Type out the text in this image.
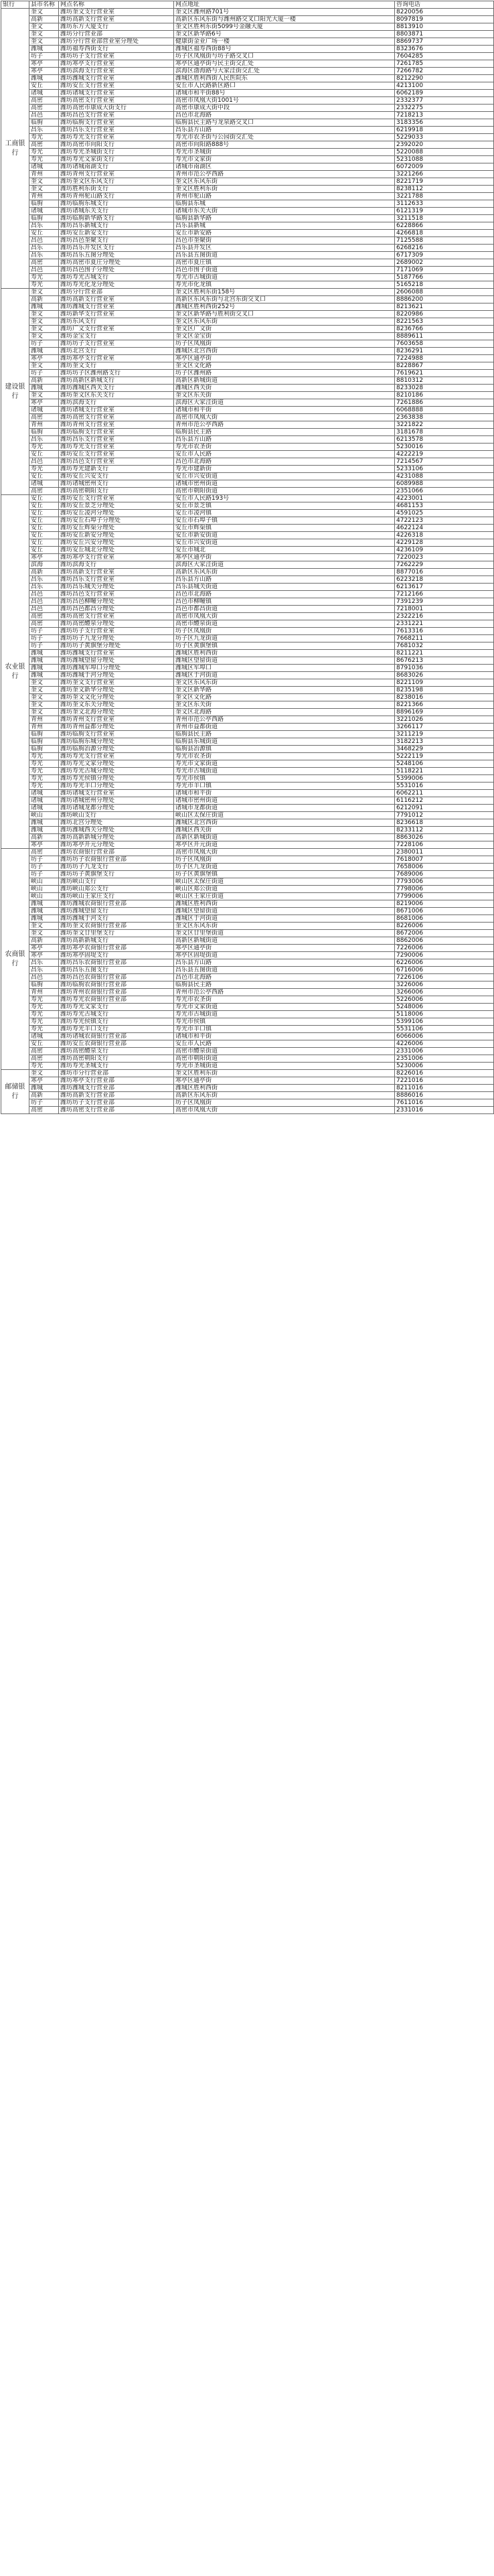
银行	县市名称	网点名称	网点地址	咨询电话
工商银行	奎文	潍坊奎文支行营业室	奎文区潍州路701号	8220056
	高新	潍坊高新支行营业室	高新区东风东街与潍州路交叉口阳光大厦一楼	8097819
	奎文	潍坊东方大厦支行	奎文区胜利东街5099号金融大厦	8813910
	奎文	潍坊分行营业部	奎文区新华路6号	8803871
	奎文	潍坊分行营业部营业室分理处	健康街金业广场一楼	8869737
	潍城	潍坊福寿西街支行	潍城区福寿西街88号	8323676
	坊子	潍坊坊子支行营业室	坊子区凤凰街与坊子路交叉口	7604285
	寒亭	潍坊寒亭支行营业室	寒亭区通亭街与民主街交汇处	7261785
	寒亭	潍坊滨海支行营业室	滨海区渤海路与大家洼街交汇处	7266782
	潍城	潍坊潍城支行营业室	潍城区胜利西街人民医院东	8212290
	安丘	潍坊安丘支行营业室	安丘市人民路新区路口	4213100
	诸城	潍坊诸城支行营业室	诸城市和平街88号	6062189
	高密	潍坊高密支行营业室	高密市凤凰大街1001号	2332377
	高密	潍坊高密市康成大街支行	高密市康成大街中段	2332275
	昌邑	潍坊昌邑支行营业室	昌邑市北海路	7218213
	临朐	潍坊临朐支行营业室	临朐县民主路与龙泉路交叉口	3183356
	昌乐	潍坊昌乐支行营业室	昌乐县方山路	6219918
	寿光	潍坊寿光支行营业室	寿光市农圣街与公园街交汇处	5229033
	高密	潍坊高密市向阳支行	高密市向阳路888号	2392020
	寿光	潍坊寿光圣城街支行	寿光市圣城街	5220088
	寿光	潍坊寿光文家街支行	寿光市文家街	5231088
	诸城	潍坊诸城南湖支行	诸城市南湖区	6072009
	青州	潍坊青州支行营业室	青州市范公亭西路	3221266
	奎文	潍坊奎文区东风支行	奎文区东风东街	8221719
	奎文	潍坊胜利东街支行	奎文区胜利东街	8238112
	青州	潍坊青州驼山路支行	青州市驼山路	3221788
	临朐	潍坊临朐东城支行	临朐县东城	3112633
	诸城	潍坊诸城东关支行	诸城市东关大街	6121319
	临朐	潍坊临朐新华路支行	临朐县新华路	3211518
	昌乐	潍坊昌乐新城支行	昌乐县新城	6228866
	安丘	潍坊安丘新安支行	安丘市新安路	4266818
	昌邑	潍坊昌邑奎聚支行	昌邑市奎聚街	7125588
	昌乐	潍坊昌乐开发区支行	昌乐县开发区	6268216
	昌乐	潍坊昌乐五图分理处	昌乐县五图街道	6717309
	高密	潍坊高密市夏庄分理处	高密市夏庄镇	2689002
	昌邑	潍坊昌邑围子分理处	昌邑市围子街道	7171069
	寿光	潍坊寿光古城支行	寿光市古城街道	5187766
	寿光	潍坊寿光化龙分理处	寿光市化龙镇	5165218
建设银行	奎文	潍坊分行营业部	奎文区胜利东街158号	2606088
	高新	潍坊高新支行营业室	高新区东风东街与北宫东街交叉口	8886200
	潍城	潍坊潍城支行营业室	潍城区胜利西街252号	8213621
	奎文	潍坊新华支行营业室	奎文区新华路与胜利街交叉口	8220986
	奎文	潍坊东风支行	奎文区东风东街	8221563
	奎文	潍坊广文支行营业室	奎文区广文街	8236766
	奎文	潍坊金宝支行	奎文区金宝街	8889611
	坊子	潍坊坊子支行营业室	坊子区凤凰街	7603658
	潍城	潍坊北宫支行	潍城区北宫西街	8236291
	寒亭	潍坊寒亭支行营业室	寒亭区通亭街	7224988
	奎文	潍坊奎文支行	奎文区文化路	8228867
	坊子	潍坊坊子区潍州路支行	坊子区潍州路	7619621
	高新	潍坊高新区新城支行	高新区新城街道	8810312
	潍城	潍坊潍城区西关支行	潍城区西关街	8233028
	奎文	潍坊奎文区东关支行	奎文区东关街	8210186
	寒亭	潍坊滨海支行	滨海区大家洼街道	7261886
	诸城	潍坊诸城支行营业室	诸城市和平街	6068888
	高密	潍坊高密支行营业室	高密市凤凰大街	2363838
	青州	潍坊青州支行营业室	青州市范公亭西路	3221822
	临朐	潍坊临朐支行营业室	临朐县民主路	3181678
	昌乐	潍坊昌乐支行营业室	昌乐县方山路	6213578
	寿光	潍坊寿光支行营业室	寿光市农圣街	5230016
	安丘	潍坊安丘支行营业室	安丘市人民路	4222219
	昌邑	潍坊昌邑支行营业室	昌邑市北海路	7214567
	寿光	潍坊寿光建新支行	寿光市建新街	5233106
	安丘	潍坊安丘兴安支行	安丘市兴安街道	4231088
	诸城	潍坊诸城密州支行	诸城市密州街道	6089988
	高密	潍坊高密朝阳支行	高密市朝阳街道	2351066
农业银行	安丘	潍坊安丘支行营业室	安丘市人民路193号	4223001
	安丘	潍坊安丘景芝分理处	安丘市景芝镇	4681153
	安丘	潍坊安丘凌河分理处	安丘市凌河镇	4591025
	安丘	潍坊安丘石埠子分理处	安丘市石埠子镇	4722123
	安丘	潍坊安丘辉渠分理处	安丘市辉渠镇	4622124
	安丘	潍坊安丘新安分理处	安丘市新安街道	4226318
	安丘	潍坊安丘兴安分理处	安丘市兴安街道	4229128
	安丘	潍坊安丘城北分理处	安丘市城北	4236109
	寒亭	潍坊寒亭支行营业室	寒亭区通亭街	7220023
	滨海	潍坊滨海支行	滨海区大家洼街道	7262229
	高新	潍坊高新支行营业室	高新区东风东街	8877016
	昌乐	潍坊昌乐支行营业室	昌乐县方山路	6223218
	昌乐	潍坊昌乐城关分理处	昌乐县城关街道	6213617
	昌邑	潍坊昌邑支行营业室	昌邑市北海路	7212166
	昌邑	潍坊昌邑柳疃分理处	昌邑市柳疃镇	7391239
	昌邑	潍坊昌邑都昌分理处	昌邑市都昌街道	7218001
	高密	潍坊高密支行营业室	高密市凤凰大街	2322216
	高密	潍坊高密醴泉分理处	高密市醴泉街道	2331221
	坊子	潍坊坊子支行营业室	坊子区凤凰街	7613316
	坊子	潍坊坊子九龙分理处	坊子区九龙街道	7668211
	坊子	潍坊坊子黄旗堡分理处	坊子区黄旗堡镇	7681032
	潍城	潍坊潍城支行营业室	潍城区胜利西街	8211221
	潍城	潍坊潍城望留分理处	潍城区望留街道	8676213
	潍城	潍坊潍城军埠口分理处	潍城区军埠口	8791036
	潍城	潍坊潍城于河分理处	潍城区于河街道	8683026
	奎文	潍坊奎文支行营业室	奎文区东风东街	8221109
	奎文	潍坊奎文新华分理处	奎文区新华路	8235198
	奎文	潍坊奎文文化分理处	奎文区文化路	8238016
	奎文	潍坊奎文东关分理处	奎文区东关街	8221366
	奎文	潍坊奎文北海分理处	奎文区北海路	8896169
	青州	潍坊青州支行营业室	青州市范公亭西路	3221026
	青州	潍坊青州益都分理处	青州市益都街道	3266117
	临朐	潍坊临朐支行营业室	临朐县民主路	3211219
	临朐	潍坊临朐东城分理处	临朐县东城街道	3182213
	临朐	潍坊临朐冶源分理处	临朐县冶源镇	3468229
	寿光	潍坊寿光支行营业室	寿光市农圣街	5222119
	寿光	潍坊寿光文家分理处	寿光市文家街道	5248106
	寿光	潍坊寿光古城分理处	寿光市古城街道	5118221
	寿光	潍坊寿光侯镇分理处	寿光市侯镇	5399006
	寿光	潍坊寿光羊口分理处	寿光市羊口镇	5531016
	诸城	潍坊诸城支行营业室	诸城市和平街	6062211
	诸城	潍坊诸城密州分理处	诸城市密州街道	6116212
	诸城	潍坊诸城龙都分理处	诸城市龙都街道	6212091
	峡山	潍坊峡山支行	峡山区太保庄街道	7791012
	潍城	潍坊北宫分理处	潍城区北宫西街	8236618
	潍城	潍坊潍城西关分理处	潍城区西关街	8233112
	高新	潍坊高新新城分理处	高新区新城街道	8863026
	寒亭	潍坊寒亭开元分理处	寒亭区开元街道	7228106
农商银行	高密	潍坊农商银行营业部	高密市凤凰大街	2380011
	坊子	潍坊坊子农商银行营业部	坊子区凤凰街	7618007
	坊子	潍坊坊子九龙支行	坊子区九龙街道	7658006
	坊子	潍坊坊子黄旗堡支行	坊子区黄旗堡镇	7689006
	峡山	潍坊峡山支行	峡山区太保庄街道	7793006
	峡山	潍坊峡山郑公支行	峡山区郑公街道	7798006
	峡山	潍坊峡山王家庄支行	峡山区王家庄街道	7799006
	潍城	潍坊潍城农商银行营业部	潍城区胜利西街	8219006
	潍城	潍坊潍城望留支行	潍城区望留街道	8671006
	潍城	潍坊潍城于河支行	潍城区于河街道	8681006
	奎文	潍坊奎文农商银行营业部	奎文区东风东街	8226006
	奎文	潍坊奎文廿里堡支行	奎文区廿里堡街道	8672006
	高新	潍坊高新新城支行	高新区新城街道	8862006
	寒亭	潍坊寒亭农商银行营业部	寒亭区通亭街	7226006
	寒亭	潍坊寒亭固堤支行	寒亭区固堤街道	7290006
	昌乐	潍坊昌乐农商银行营业部	昌乐县方山路	6226006
	昌乐	潍坊昌乐五图支行	昌乐县五图街道	6716006
	昌邑	潍坊昌邑农商银行营业部	昌邑市北海路	7226106
	临朐	潍坊临朐农商银行营业部	临朐县民主路	3226006
	青州	潍坊青州农商银行营业部	青州市范公亭西路	3266006
	寿光	潍坊寿光农商银行营业部	寿光市农圣街	5226006
	寿光	潍坊寿光文家支行	寿光市文家街道	5248006
	寿光	潍坊寿光古城支行	寿光市古城街道	5118006
	寿光	潍坊寿光侯镇支行	寿光市侯镇	5399106
	寿光	潍坊寿光羊口支行	寿光市羊口镇	5531106
	诸城	潍坊诸城农商银行营业部	诸城市和平街	6066006
	安丘	潍坊安丘农商银行营业部	安丘市人民路	4226006
	高密	潍坊高密醴泉支行	高密市醴泉街道	2331006
	高密	潍坊高密朝阳支行	高密市朝阳街道	2351006
	寿光	潍坊寿光圣城支行	寿光市圣城街道	5230006
邮储银行	奎文	潍坊市分行营业部	奎文区胜利东街	8226016
	寒亭	潍坊寒亭支行营业部	寒亭区通亭街	7221016
	潍城	潍坊潍城支行营业部	潍城区胜利西街	8211016
	高新	潍坊高新支行营业部	高新区东风东街	8886016
	坊子	潍坊坊子支行营业部	坊子区凤凰街	7611016
	高密	潍坊高密支行营业部	高密市凤凰大街	2331016
